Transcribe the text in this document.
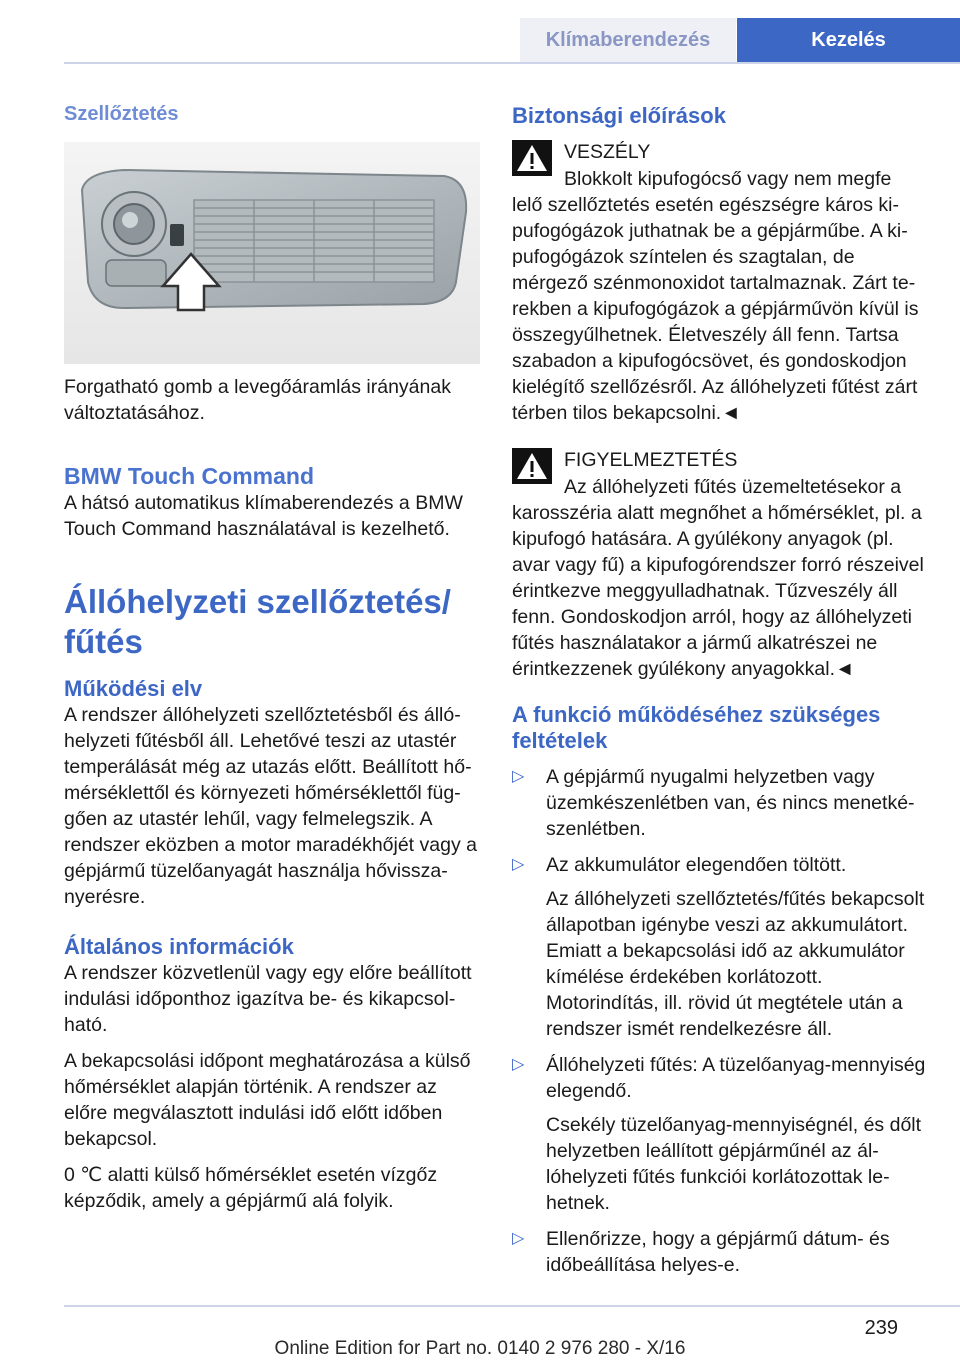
Klímaberendezés	Kezelés
Szellőztetés

Forgatható gomb a levegőáramlás irányának változtatásához.

BMW Touch Command

A hátsó automatikus klímaberendezés a BMW Touch Command használatával is kezelhető.

Állóhelyzeti szellőztetés/

fűtés

Működési elv

A rendszer állóhelyzeti szellőztetésből és állóhelyzeti fűtésből áll. Lehetővé teszi az utastér temperálását még az utazás előtt. Beállított hőmérséklettől és környezeti hőmérséklettől függően az utastér lehűl, vagy felmelegszik. A rendszer eközben a motor maradékhőjét vagy a gépjármű tüzelőanyagát használja hővisszanyerésre.

Általános információk

A rendszer közvetlenül vagy egy előre beállított indulási időponthoz igazítva be- és kikapcsolható.

A bekapcsolási időpont meghatározása a külső hőmérséklet alapján történik. A rendszer az előre megválasztott indulási idő előtt időben bekapcsol.

0 ℃ alatti külső hőmérséklet esetén vízgőz képződik, amely a gépjármű alá folyik.

Biztonsági előírások

VESZÉLY

Blokkolt kipufogócső vagy nem megfe
lelő szellőztetés esetén egészségre káros kipufogógázok juthatnak be a gépjárműbe. A kipufogógázok színtelen és szagtalan, de mérgező szénmonoxidot tartalmaznak. Zárt terekben a kipufogógázok a gépjárművön kívül is összegyűlhetnek. Életveszély áll fenn. Tartsa szabadon a kipufogócsövet, és gondoskodjon kielégítő szellőzésről. Az állóhelyzeti fűtést zárt térben tilos bekapcsolni.◄

FIGYELMEZTETÉS

Az állóhelyzeti fűtés üzemeltetésekor a
karosszéria alatt megnőhet a hőmérséklet, pl. a kipufogó hatására. A gyúlékony anyagok (pl. avar vagy fű) a kipufogórendszer forró részeivel érintkezve meggyulladhatnak. Tűzveszély áll fenn. Gondoskodjon arról, hogy az állóhelyzeti fűtés használatakor a jármű alkatrészei ne érintkezzenek gyúlékony anyagokkal.◄

A funkció működéséhez szükséges feltételek

▷ A gépjármű nyugalmi helyzetben vagy üzemkészenlétben van, és nincs menetkészenlétben.

▷ Az akkumulátor elegendően töltött.

Az állóhelyzeti szellőztetés/fűtés bekapcsolt állapotban igénybe veszi az akkumulátort. Emiatt a bekapcsolási idő az akkumulátor kímélése érdekében korlátozott. Motorindítás, ill. rövid út megtétele után a rendszer ismét rendelkezésre áll.

▷ Állóhelyzeti fűtés: A tüzelőanyag-mennyiség elegendő.

Csekély tüzelőanyag-mennyiségnél, és dőlt helyzetben leállított gépjárműnél az állóhelyzeti fűtés funkciói korlátozottak lehetnek.

▷ Ellenőrizze, hogy a gépjármű dátum- és időbeállítása helyes-e.

239
Online Edition for Part no. 0140 2 976 280 - X/16
